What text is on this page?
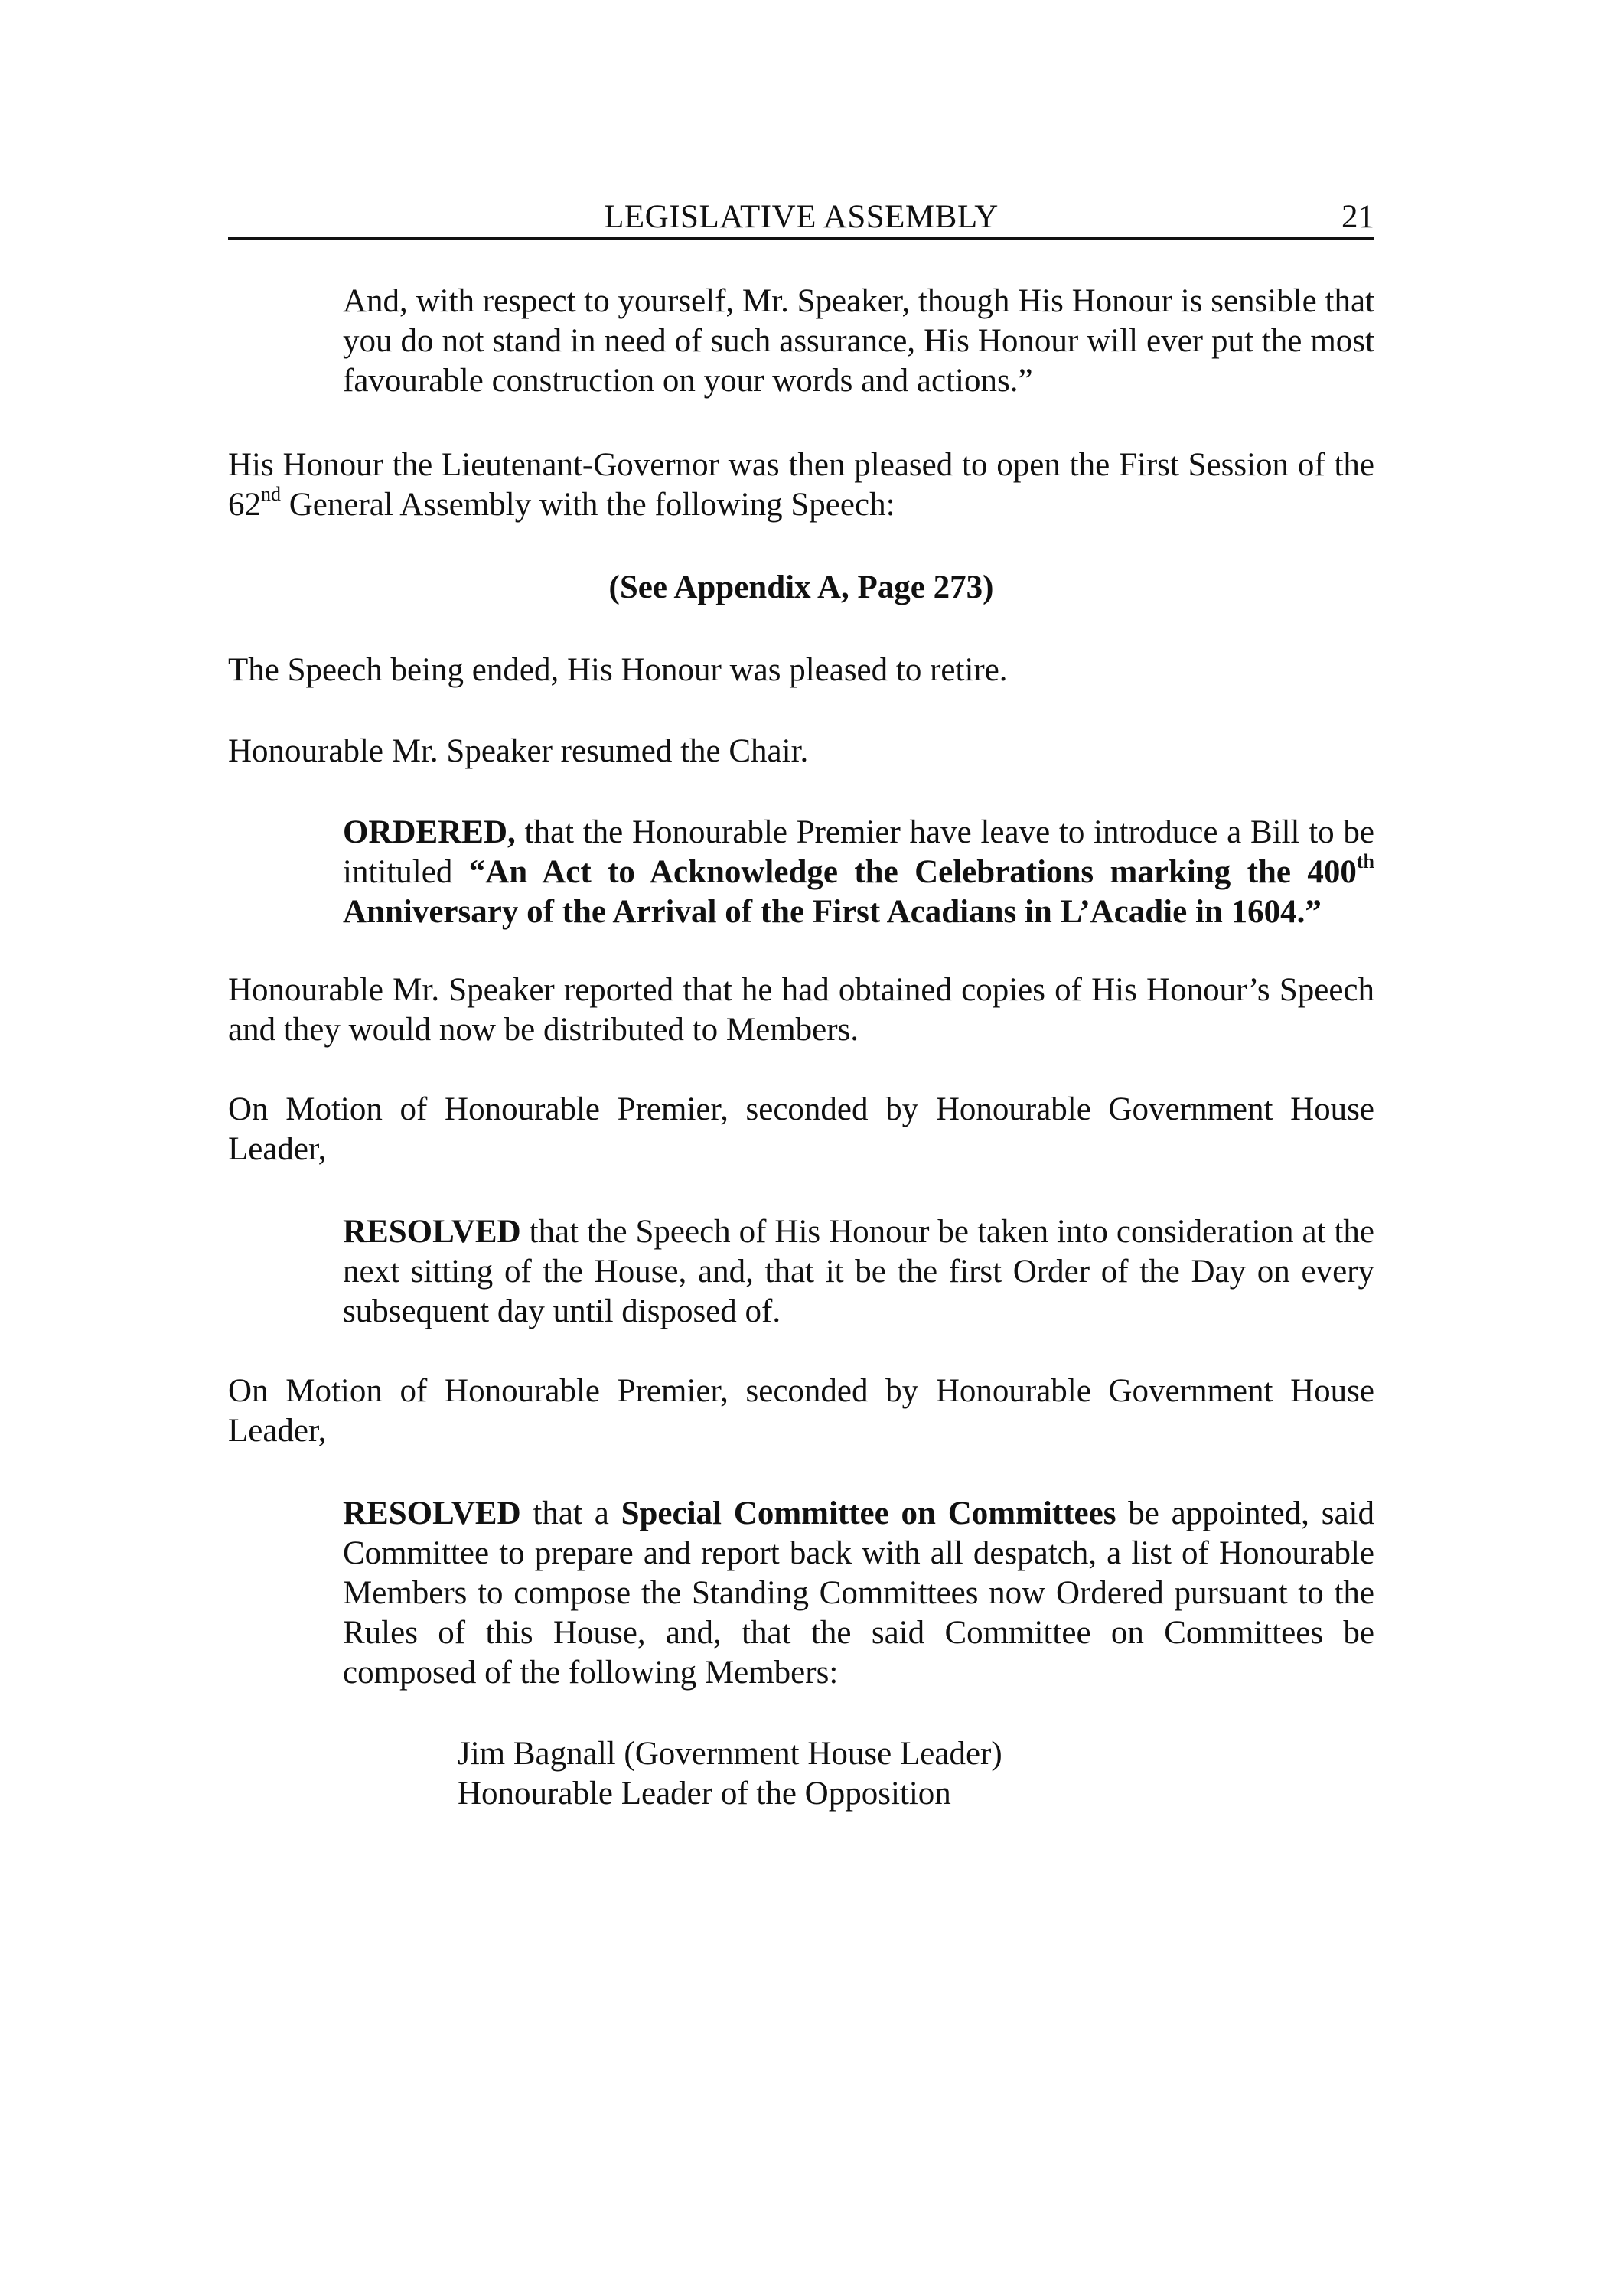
LEGISLATIVE ASSEMBLY	21
And, with respect to yourself, Mr. Speaker, though His Honour is sensible that you do not stand in need of such assurance, His Honour will ever put the most favourable construction on your words and actions.”
His Honour the Lieutenant-Governor was then pleased to open the First Session of the 62nd General Assembly with the following Speech:
(See Appendix A, Page 273)
The Speech being ended, His Honour was pleased to retire.
Honourable Mr. Speaker resumed the Chair.
ORDERED, that the Honourable Premier have leave to introduce a Bill to be intituled “An Act to Acknowledge the Celebrations marking the 400th Anniversary of the Arrival of the First Acadians in L’Acadie in 1604.”
Honourable Mr. Speaker reported that he had obtained copies of His Honour’s Speech and they would now be distributed to Members.
On Motion of Honourable Premier, seconded by Honourable Government House Leader,
RESOLVED that the Speech of His Honour be taken into consideration at the next sitting of the House, and, that it be the first Order of the Day on every subsequent day until disposed of.
On Motion of Honourable Premier, seconded by Honourable Government House Leader,
RESOLVED that a Special Committee on Committees be appointed, said Committee to prepare and report back with all despatch, a list of Honourable Members to compose the Standing Committees now Ordered pursuant to the Rules of this House, and, that the said Committee on Committees be composed of the following Members:
Jim Bagnall (Government House Leader)
Honourable Leader of the Opposition
